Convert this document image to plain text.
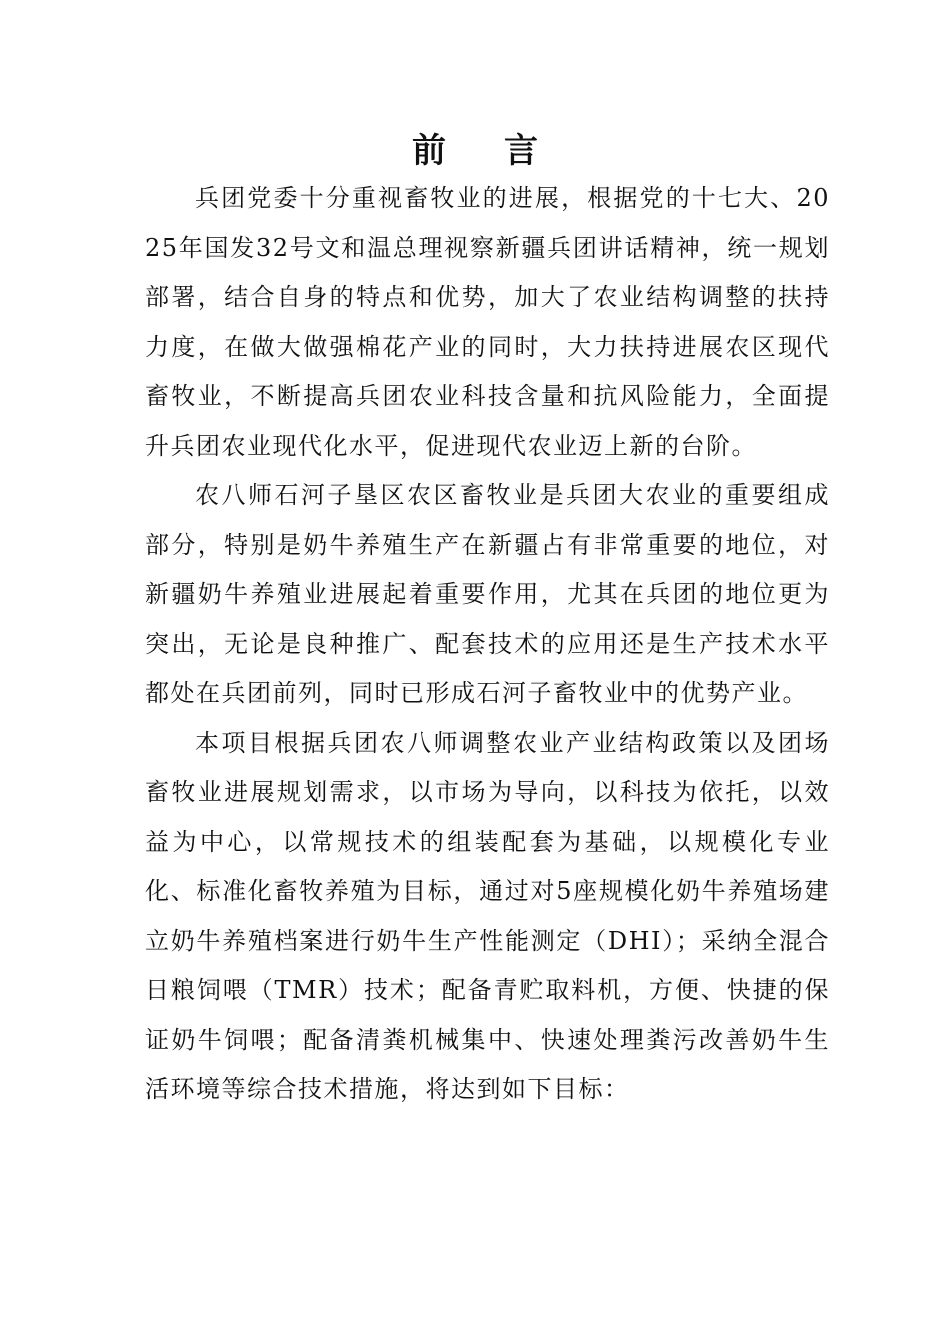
前言

兵团党委十分重视畜牧业的进展，根据党的十七大、2025年国发32号文和温总理视察新疆兵团讲话精神，统一规划部署，结合自身的特点和优势，加大了农业结构调整的扶持力度，在做大做强棉花产业的同时，大力扶持进展农区现代畜牧业，不断提高兵团农业科技含量和抗风险能力，全面提升兵团农业现代化水平，促进现代农业迈上新的台阶。

农八师石河子垦区农区畜牧业是兵团大农业的重要组成部分，特别是奶牛养殖生产在新疆占有非常重要的地位，对新疆奶牛养殖业进展起着重要作用，尤其在兵团的地位更为突出，无论是良种推广、配套技术的应用还是生产技术水平都处在兵团前列，同时已形成石河子畜牧业中的优势产业。

本项目根据兵团农八师调整农业产业结构政策以及团场畜牧业进展规划需求，以市场为导向，以科技为依托，以效益为中心，以常规技术的组装配套为基础，以规模化专业化、标准化畜牧养殖为目标，通过对5座规模化奶牛养殖场建立奶牛养殖档案进行奶牛生产性能测定（DHI）；采纳全混合日粮饲喂（TMR）技术；配备青贮取料机，方便、快捷的保证奶牛饲喂；配备清粪机械集中、快速处理粪污改善奶牛生活环境等综合技术措施，将达到如下目标：
